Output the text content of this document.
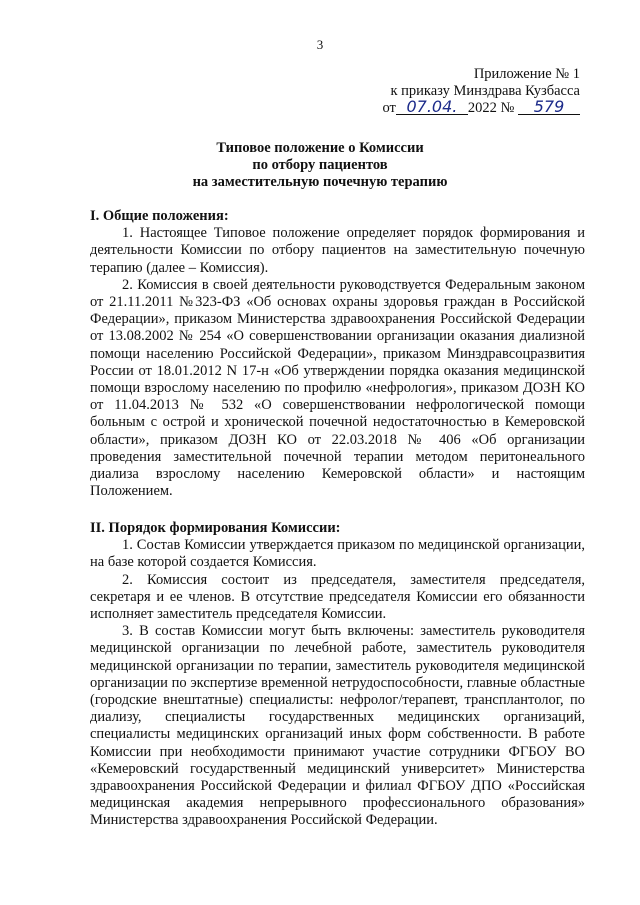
3
Приложение № 1
к приказу Минздрава Кузбасса
от 07.04. 2022 № 579
Типовое положение о Комиссии
по отбору пациентов
на заместительную почечную терапию

I. Общие положения:

1. Настоящее Типовое положение определяет порядок формирования и деятельности Комиссии по отбору пациентов на заместительную почечную терапию (далее – Комиссия).

2. Комиссия в своей деятельности руководствуется Федеральным законом от 21.11.2011 №323-ФЗ «Об основах охраны здоровья граждан в Российской Федерации», приказом Министерства здравоохранения Российской Федерации от 13.08.2002 № 254 «О совершенствовании организации оказания диализной помощи населению Российской Федерации», приказом Минздравсоцразвития России от 18.01.2012 N 17-н «Об утверждении порядка оказания медицинской помощи взрослому населению по профилю «нефрология», приказом ДОЗН КО от 11.04.2013 № 532 «О совершенствовании нефрологической помощи больным с острой и хронической почечной недостаточностью в Кемеровской области», приказом ДОЗН КО от 22.03.2018 № 406 «Об организации проведения заместительной почечной терапии методом перитонеального диализа взрослому населению Кемеровской области» и настоящим Положением.

II. Порядок формирования Комиссии:

1. Состав Комиссии утверждается приказом по медицинской организации, на базе которой создается Комиссия.

2. Комиссия состоит из председателя, заместителя председателя, секретаря и ее членов. В отсутствие председателя Комиссии его обязанности исполняет заместитель председателя Комиссии.

3. В состав Комиссии могут быть включены: заместитель руководителя медицинской организации по лечебной работе, заместитель руководителя медицинской организации по терапии, заместитель руководителя медицинской организации по экспертизе временной нетрудоспособности, главные областные (городские внештатные) специалисты: нефролог/терапевт, трансплантолог, по диализу, специалисты государственных медицинских организаций, специалисты медицинских организаций иных форм собственности. В работе Комиссии при необходимости принимают участие сотрудники ФГБОУ ВО «Кемеровский государственный медицинский университет» Министерства здравоохранения Российской Федерации и филиал ФГБОУ ДПО «Российская медицинская академия непрерывного профессионального образования» Министерства здравоохранения Российской Федерации.
